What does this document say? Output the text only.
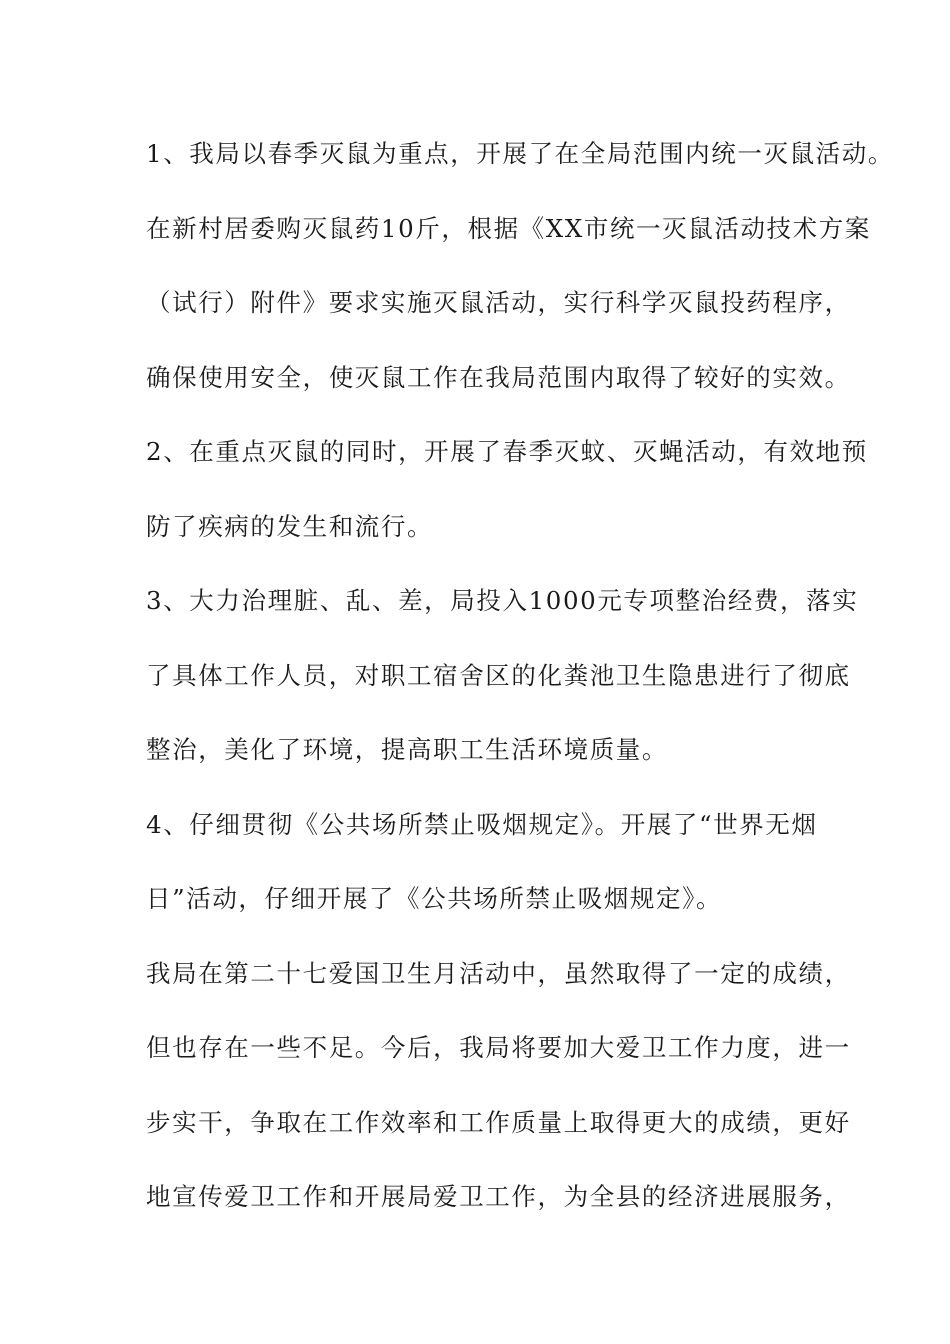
1、我局以春季灭鼠为重点，开展了在全局范围内统一灭鼠活动。
在新村居委购灭鼠药10斤，根据《XX市统一灭鼠活动技术方案
（试行）附件》要求实施灭鼠活动，实行科学灭鼠投药程序，
确保使用安全，使灭鼠工作在我局范围内取得了较好的实效。
2、在重点灭鼠的同时，开展了春季灭蚊、灭蝇活动，有效地预
防了疾病的发生和流行。
3、大力治理脏、乱、差，局投入1000元专项整治经费，落实
了具体工作人员，对职工宿舍区的化粪池卫生隐患进行了彻底
整治，美化了环境，提高职工生活环境质量。
4、仔细贯彻《公共场所禁止吸烟规定》。开展了“世界无烟
日”活动，仔细开展了《公共场所禁止吸烟规定》。
我局在第二十七爱国卫生月活动中，虽然取得了一定的成绩，
但也存在一些不足。今后，我局将要加大爱卫工作力度，进一
步实干，争取在工作效率和工作质量上取得更大的成绩，更好
地宣传爱卫工作和开展局爱卫工作，为全县的经济进展服务，
